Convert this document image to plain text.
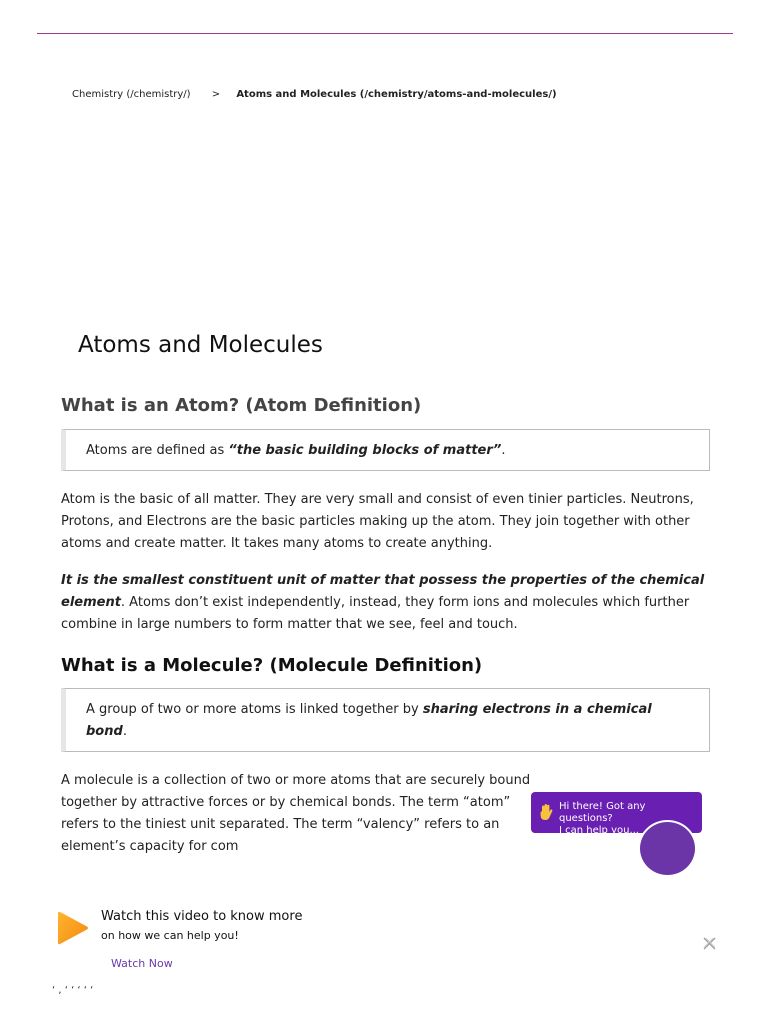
Chemistry (/chemistry/) > Atoms and Molecules (/chemistry/atoms-and-molecules/)
Atoms and Molecules
What is an Atom? (Atom Definition)
Atoms are defined as “the basic building blocks of matter”.

Atom is the basic of all matter. They are very small and consist of even tinier particles. Neutrons, Protons, and Electrons are the basic particles making up the atom. They join together with other atoms and create matter. It takes many atoms to create anything.

It is the smallest constituent unit of matter that possess the properties of the chemical element. Atoms don’t exist independently, instead, they form ions and molecules which further combine in large numbers to form matter that we see, feel and touch.

What is a Molecule? (Molecule Definition)
A group of two or more atoms is linked together by sharing electrons in a chemical bond.

A molecule is a collection of two or more atoms that are securely bound together by attractive forces or by chemical bonds. The term “atom” refers to the tiniest unit separated. The term “valency” refers to an element’s capacity for com

Hi there! Got any questions?
I can help you...
Watch this video to know more
on how we can help you!
Watch Now
‘ , ‘ ‘ ‘ ‘ ‘
